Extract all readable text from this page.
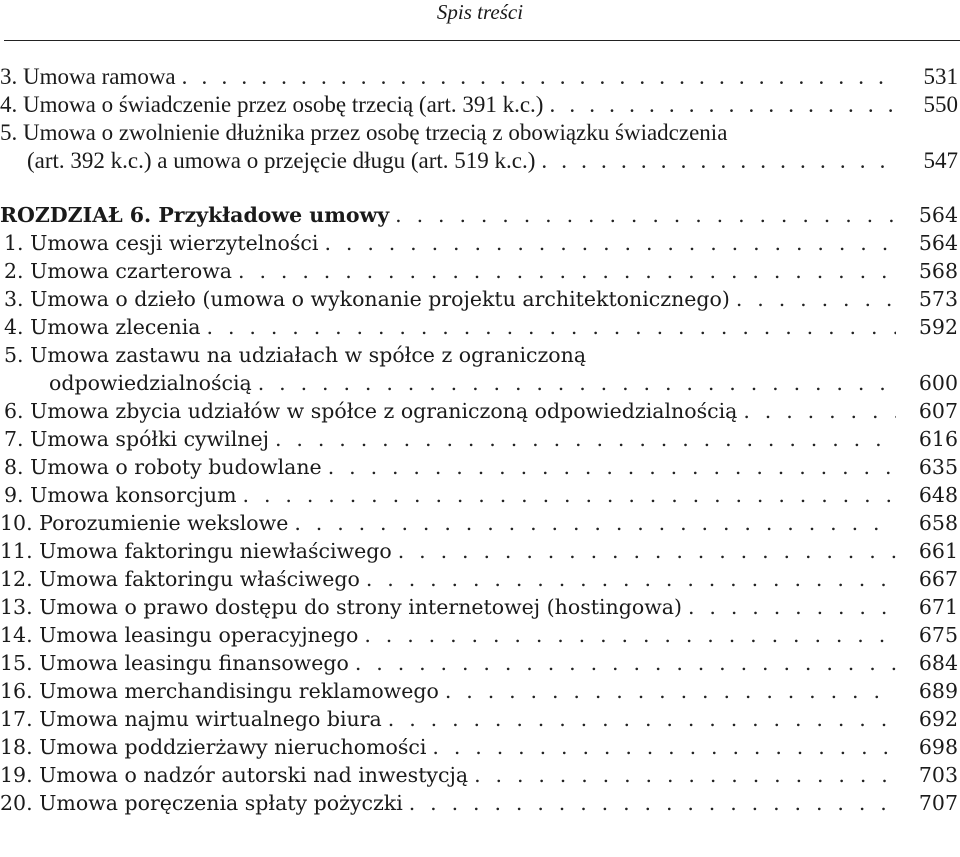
Spis treści
3. Umowa ramowa . . .	531
4. Umowa o świadczenie przez osobę trzecią (art. 391 k.c.) . . .	550
5. Umowa o zwolnienie dłużnika przez osobę trzecią z obowiązku świadczenia
(art. 392 k.c.) a umowa o przejęcie długu (art. 519 k.c.) . . .	547
ROZDZIAŁ 6. Przykładowe umowy . . .	564
1. Umowa cesji wierzytelności . . .	564
2. Umowa czarterowa . . .	568
3. Umowa o dzieło (umowa o wykonanie projektu architektonicznego) . . .	573
4. Umowa zlecenia . . .	592
5. Umowa zastawu na udziałach w spółce z ograniczoną
odpowiedzialnością . . .	600
6. Umowa zbycia udziałów w spółce z ograniczoną odpowiedzialnością . . .	607
7. Umowa spółki cywilnej . . .	616
8. Umowa o roboty budowlane . . .	635
9. Umowa konsorcjum . . .	648
10. Porozumienie wekslowe . . .	658
11. Umowa faktoringu niewłaściwego . . .	661
12. Umowa faktoringu właściwego . . .	667
13. Umowa o prawo dostępu do strony internetowej (hostingowa) . . .	671
14. Umowa leasingu operacyjnego . . .	675
15. Umowa leasingu finansowego . . .	684
16. Umowa merchandisingu reklamowego . . .	689
17. Umowa najmu wirtualnego biura . . .	692
18. Umowa poddzierżawy nieruchomości . . .	698
19. Umowa o nadzór autorski nad inwestycją . . .	703
20. Umowa poręczenia spłaty pożyczki . . .	707
